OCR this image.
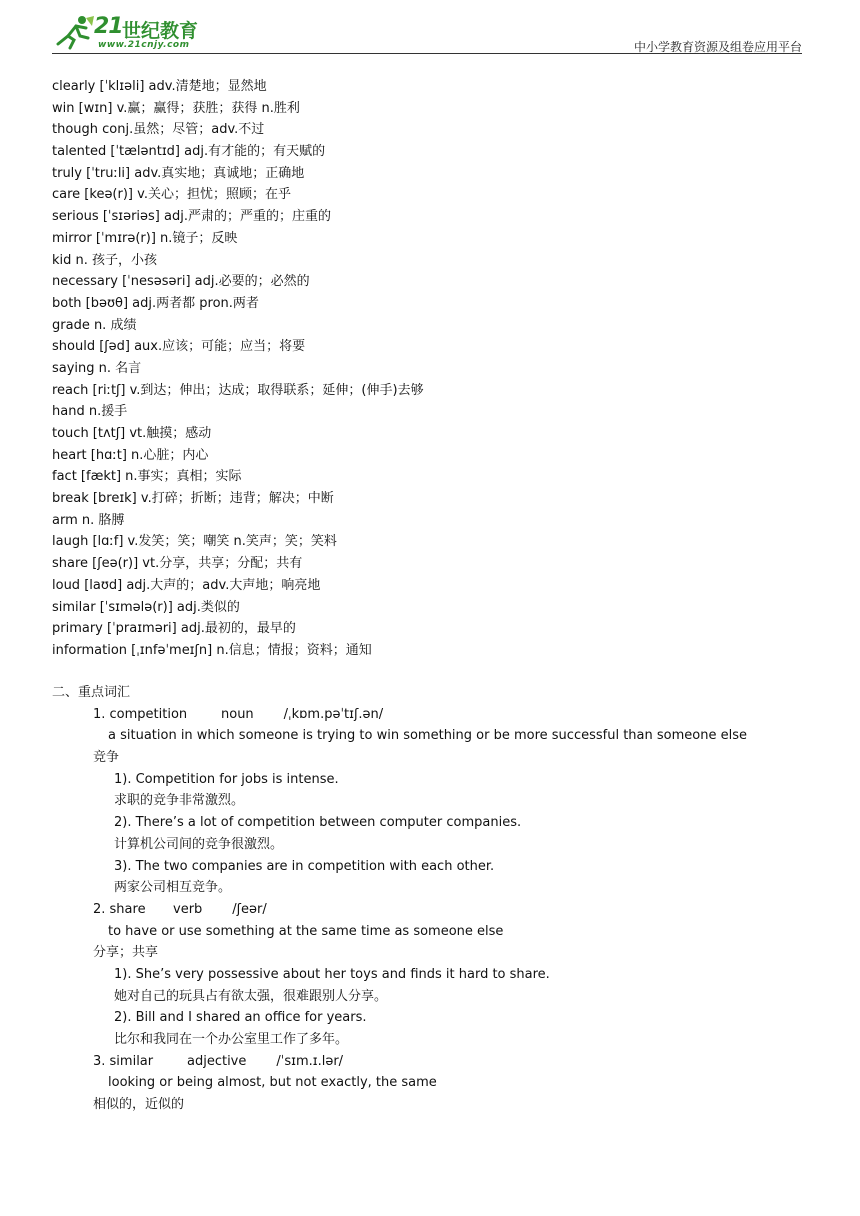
21 世纪教育
www.21cnjy.com	中小学教育资源及组卷应用平台
clearly [ˈklɪəli] adv.清楚地；显然地
win [wɪn] v.赢；赢得；获胜；获得 n.胜利
though conj.虽然；尽管；adv.不过
talented [ˈtæləntɪd] adj.有才能的；有天赋的
truly [ˈtruːli] adv.真实地；真诚地；正确地
care [keə(r)] v.关心；担忧；照顾；在乎
serious [ˈsɪəriəs] adj.严肃的；严重的；庄重的
mirror [ˈmɪrə(r)] n.镜子；反映
kid n. 孩子，小孩
necessary [ˈnesəsəri] adj.必要的；必然的
both [bəʊθ] adj.两者都 pron.两者
grade n. 成绩
should [ʃəd] aux.应该；可能；应当；将要
saying n. 名言
reach [riːtʃ] v.到达；伸出；达成；取得联系；延伸；(伸手)去够
hand n.援手
touch [tʌtʃ] vt.触摸；感动
heart [hɑːt] n.心脏；内心
fact [fækt] n.事实；真相；实际
break [breɪk] v.打碎；折断；违背；解决；中断
arm n. 胳膊
laugh [lɑːf] v.发笑；笑；嘲笑 n.笑声；笑；笑料
share [ʃeə(r)] vt.分享，共享；分配；共有
loud [laʊd] adj.大声的；adv.大声地；响亮地
similar [ˈsɪmələ(r)] adj.类似的
primary [ˈpraɪməri] adj.最初的，最早的
information [ˌɪnfəˈmeɪʃn] n.信息；情报；资料；通知
二、重点词汇
1. competition	noun /ˌkɒm.pəˈtɪʃ.ən/
a situation in which someone is trying to win something or be more successful than someone else
竞争
1). Competition for jobs is intense.
求职的竞争非常激烈。
2). There’s a lot of competition between computer companies.
计算机公司间的竞争很激烈。
3). The two companies are in competition with each other.
两家公司相互竞争。
2. share verb /ʃeər/
to have or use something at the same time as someone else
分享；共享
1). She’s very possessive about her toys and finds it hard to share.
她对自己的玩具占有欲太强，很难跟别人分享。
2). Bill and I shared an office for years.
比尔和我同在一个办公室里工作了多年。
3. similar	adjective /ˈsɪm.ɪ.lər/
looking or being almost, but not exactly, the same
相似的，近似的
